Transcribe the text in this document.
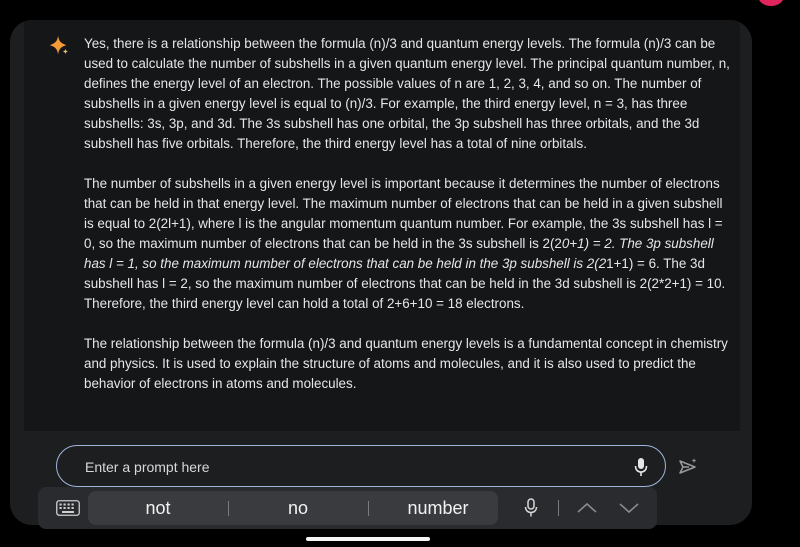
Yes, there is a relationship between the formula (n)/3 and quantum energy levels. The formula (n)/3 can be used to calculate the number of subshells in a given quantum energy level. The principal quantum number, n, defines the energy level of an electron. The possible values of n are 1, 2, 3, 4, and so on. The number of subshells in a given energy level is equal to (n)/3. For example, the third energy level, n = 3, has three subshells: 3s, 3p, and 3d. The 3s subshell has one orbital, the 3p subshell has three orbitals, and the 3d subshell has five orbitals. Therefore, the third energy level has a total of nine orbitals.

The number of subshells in a given energy level is important because it determines the number of electrons that can be held in that energy level. The maximum number of electrons that can be held in a given subshell is equal to 2(2l+1), where l is the angular momentum quantum number. For example, the 3s subshell has l = 0, so the maximum number of electrons that can be held in the 3s subshell is 2(20+1) = 2. The 3p subshell has l = 1, so the maximum number of electrons that can be held in the 3p subshell is 2(21+1) = 6. The 3d subshell has l = 2, so the maximum number of electrons that can be held in the 3d subshell is 2(2*2+1) = 10. Therefore, the third energy level can hold a total of 2+6+10 = 18 electrons.

The relationship between the formula (n)/3 and quantum energy levels is a fundamental concept in chemistry and physics. It is used to explain the structure of atoms and molecules, and it is also used to predict the behavior of electrons in atoms and molecules.

Enter a prompt here
not	no	number
